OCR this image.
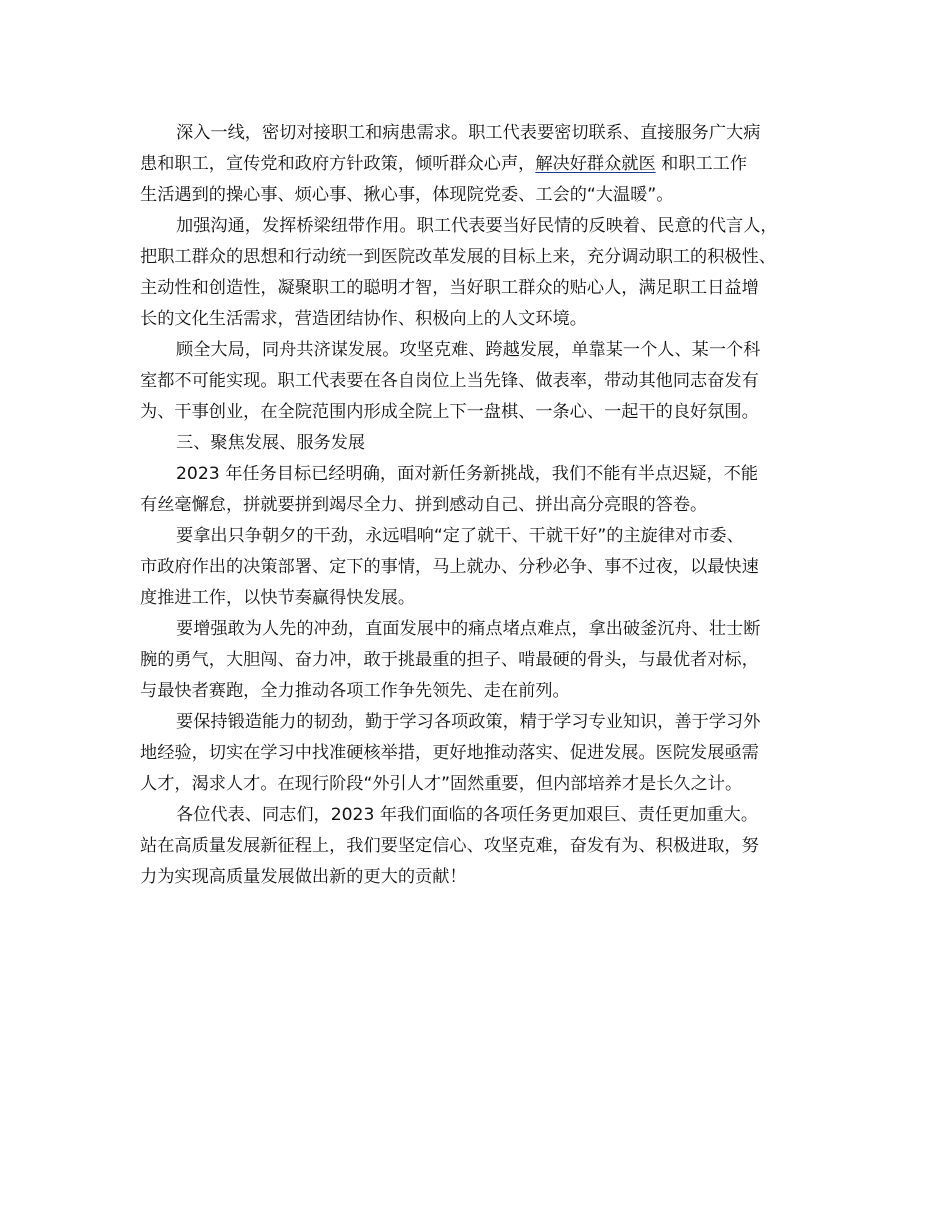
深入一线，密切对接职工和病患需求。职工代表要密切联系、直接服务广大病
患和职工，宣传党和政府方针政策，倾听群众心声，解决好群众就医 和职工工作
生活遇到的操心事、烦心事、揪心事，体现院党委、工会的“大温暖”。
加强沟通，发挥桥梁纽带作用。职工代表要当好民情的反映着、民意的代言人，
把职工群众的思想和行动统一到医院改革发展的目标上来，充分调动职工的积极性、
主动性和创造性，凝聚职工的聪明才智，当好职工群众的贴心人，满足职工日益增
长的文化生活需求，营造团结协作、积极向上的人文环境。
顾全大局，同舟共济谋发展。攻坚克难、跨越发展，单靠某一个人、某一个科
室都不可能实现。职工代表要在各自岗位上当先锋、做表率，带动其他同志奋发有
为、干事创业，在全院范围内形成全院上下一盘棋、一条心、一起干的良好氛围。
三、聚焦发展、服务发展
2023 年任务目标已经明确，面对新任务新挑战，我们不能有半点迟疑，不能
有丝毫懈怠，拼就要拼到竭尽全力、拼到感动自己、拼出高分亮眼的答卷。
要拿出只争朝夕的干劲，永远唱响“定了就干、干就干好”的主旋律对市委、
市政府作出的决策部署、定下的事情，马上就办、分秒必争、事不过夜，以最快速
度推进工作，以快节奏赢得快发展。
要增强敢为人先的冲劲，直面发展中的痛点堵点难点，拿出破釜沉舟、壮士断
腕的勇气，大胆闯、奋力冲，敢于挑最重的担子、啃最硬的骨头，与最优者对标，
与最快者赛跑，全力推动各项工作争先领先、走在前列。
要保持锻造能力的韧劲，勤于学习各项政策，精于学习专业知识，善于学习外
地经验，切实在学习中找准硬核举措，更好地推动落实、促进发展。医院发展亟需
人才，渴求人才。在现行阶段“外引人才”固然重要，但内部培养才是长久之计。
各位代表、同志们，2023 年我们面临的各项任务更加艰巨、责任更加重大。
站在高质量发展新征程上，我们要坚定信心、攻坚克难，奋发有为、积极进取，努
力为实现高质量发展做出新的更大的贡献！
